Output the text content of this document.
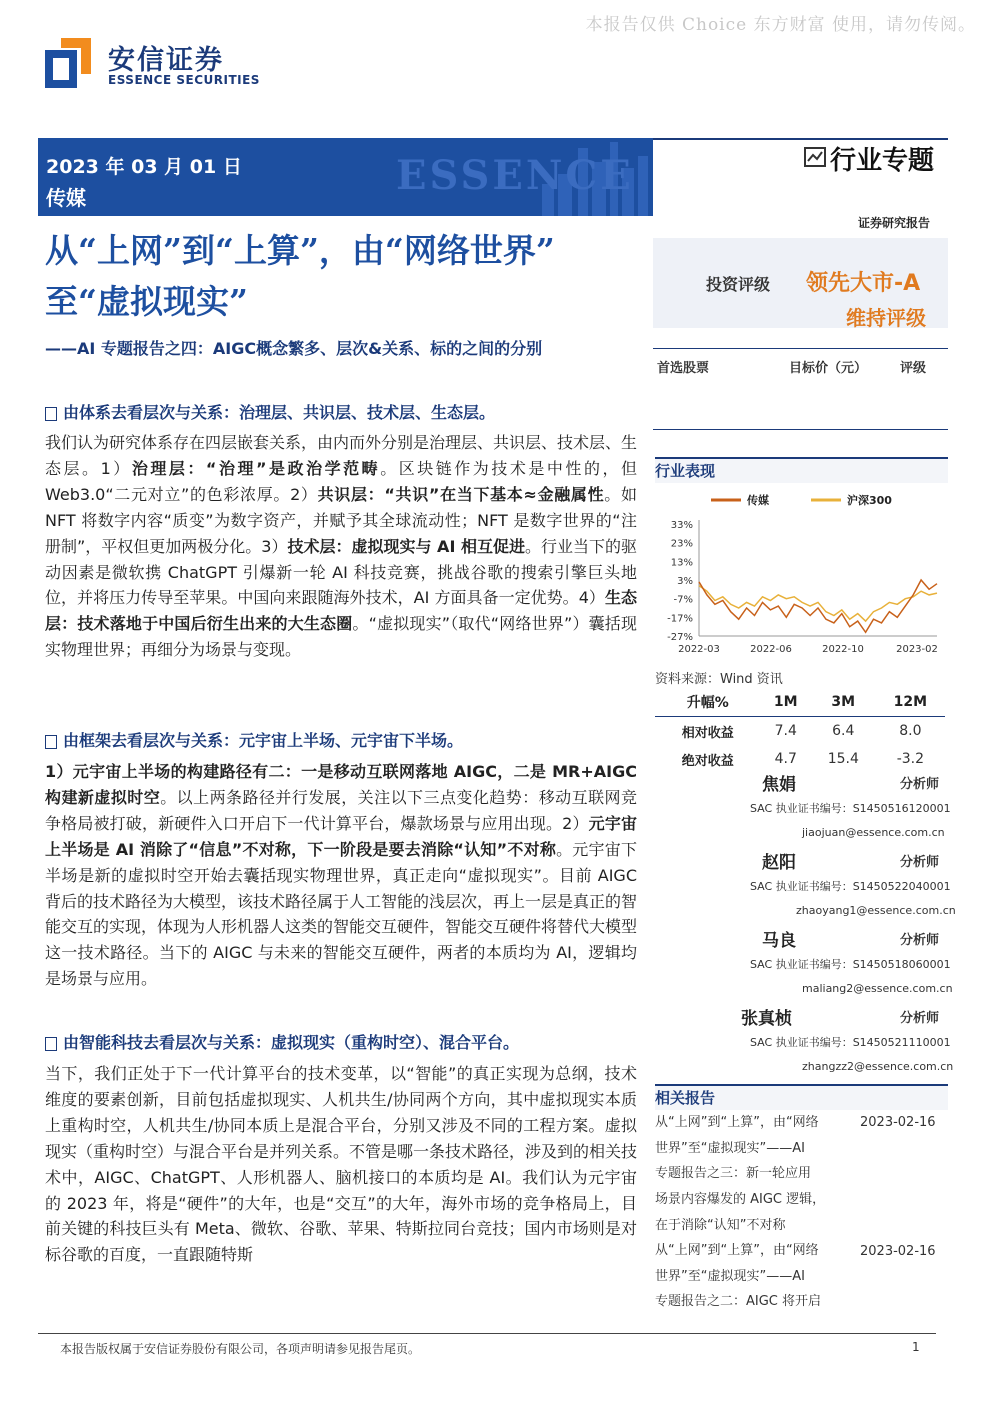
本报告仅供 Choice 东方财富 使用，请勿传阅。
安信证券
ESSENCE SECURITIES
ESSENCE
2023 年 03 月 01 日
传媒
行业专题
证券研究报告
从“上网”到“上算”，由“网络世界”
至“虚拟现实”
——AI 专题报告之四：AIGC概念繁多、层次&关系、标的之间的分别
投资评级 领先大市-A
维持评级
首选股票	目标价（元）	评级
行业表现
传媒	沪深300
33%
23%
13%
3%
-7%
-17%
-27%
2022-03	2022-06	2022-10	2023-02
资料来源：Wind 资讯
升幅%	1M	3M	12M
相对收益	7.4	6.4	8.0
绝对收益	4.7	15.4	-3.2
焦娟	分析师
SAC 执业证书编号：S1450516120001
jiaojuan@essence.com.cn
赵阳	分析师
SAC 执业证书编号：S1450522040001
zhaoyang1@essence.com.cn
马良	分析师
SAC 执业证书编号：S1450518060001
maliang2@essence.com.cn
张真桢	分析师
SAC 执业证书编号：S1450521110001
zhangzz2@essence.com.cn
相关报告
从“上网”到“上算”，由“网络
世界”至“虚拟现实”——AI
专题报告之三：新一轮应用
场景内容爆发的 AIGC 逻辑，
在于消除“认知”不对称
2023-02-16
从“上网”到“上算”，由“网络
世界”至“虚拟现实”——AI
专题报告之二：AIGC 将开启
2023-02-16
由体系去看层次与关系：治理层、共识层、技术层、生态层。

我们认为研究体系存在四层嵌套关系，由内而外分别是治理层、共识层、技术层、生态层。1）治理层：“治理”是政治学范畴。区块链作为技术是中性的，但 Web3.0“二元对立”的色彩浓厚。2）共识层：“共识”在当下基本≈金融属性。如 NFT 将数字内容“质变”为数字资产，并赋予其全球流动性；NFT 是数字世界的“注册制”，平权但更加两极分化。3）技术层：虚拟现实与 AI 相互促进。行业当下的驱动因素是微软携 ChatGPT 引爆新一轮 AI 科技竞赛，挑战谷歌的搜索引擎巨头地位，并将压力传导至苹果。中国向来跟随海外技术，AI 方面具备一定优势。4）生态层：技术落地于中国后衍生出来的大生态圈。“虚拟现实”（取代“网络世界”）囊括现实物理世界；再细分为场景与变现。

由框架去看层次与关系：元宇宙上半场、元宇宙下半场。

1）元宇宙上半场的构建路径有二：一是移动互联网落地 AIGC，二是 MR+AIGC 构建新虚拟时空。以上两条路径并行发展，关注以下三点变化趋势：移动互联网竞争格局被打破，新硬件入口开启下一代计算平台，爆款场景与应用出现。2）元宇宙上半场是 AI 消除了“信息”不对称，下一阶段是要去消除“认知”不对称。元宇宙下半场是新的虚拟时空开始去囊括现实物理世界，真正走向“虚拟现实”。目前 AIGC 背后的技术路径为大模型，该技术路径属于人工智能的浅层次，再上一层是真正的智能交互的实现，体现为人形机器人这类的智能交互硬件，智能交互硬件将替代大模型这一技术路径。当下的 AIGC 与未来的智能交互硬件，两者的本质均为 AI，逻辑均是场景与应用。

由智能科技去看层次与关系：虚拟现实（重构时空）、混合平台。

当下，我们正处于下一代计算平台的技术变革，以“智能”的真正实现为总纲，技术维度的要素创新，目前包括虚拟现实、人机共生/协同两个方向，其中虚拟现实本质上重构时空，人机共生/协同本质上是混合平台，分别又涉及不同的工程方案。虚拟现实（重构时空）与混合平台是并列关系。不管是哪一条技术路径，涉及到的相关技术中，AIGC、ChatGPT、人形机器人、脑机接口的本质均是 AI。我们认为元宇宙的 2023 年，将是“硬件”的大年，也是“交互”的大年，海外市场的竞争格局上，目前关键的科技巨头有 Meta、微软、谷歌、苹果、特斯拉同台竞技；国内市场则是对标谷歌的百度，一直跟随特斯

本报告版权属于安信证券股份有限公司，各项声明请参见报告尾页。	1
